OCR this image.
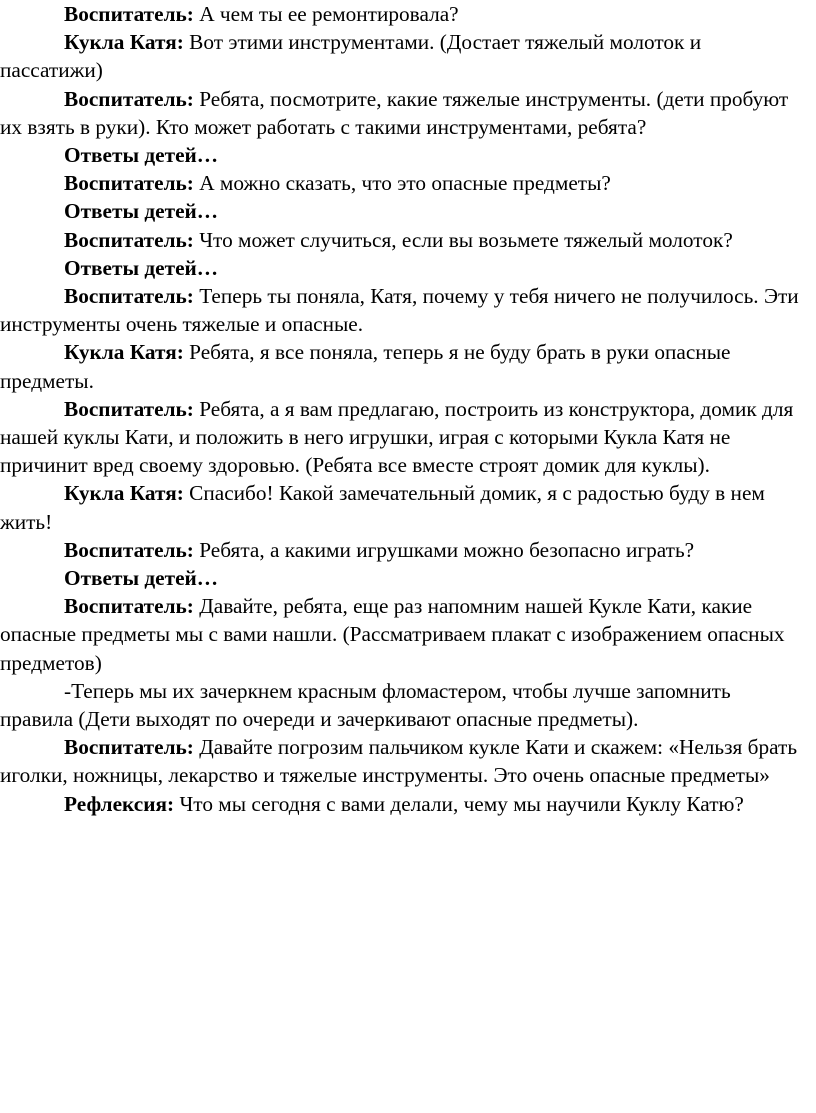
Воспитатель: А чем ты ее ремонтировала?

Кукла Катя: Вот этими инструментами. (Достает тяжелый молоток и пассатижи)

Воспитатель: Ребята, посмотрите, какие тяжелые инструменты. (дети пробуют их взять в руки). Кто может работать с такими инструментами, ребята?

Ответы детей…

Воспитатель: А можно сказать, что это опасные предметы?

Ответы детей…

Воспитатель: Что может случиться, если вы возьмете тяжелый молоток?

Ответы детей…

Воспитатель: Теперь ты поняла, Катя, почему у тебя ничего не получилось. Эти инструменты очень тяжелые и опасные.

Кукла Катя: Ребята, я все поняла, теперь я не буду брать в руки опасные предметы.

Воспитатель: Ребята, а я вам предлагаю, построить из конструктора, домик для нашей куклы Кати, и положить в него игрушки, играя с которыми Кукла Катя не причинит вред своему здоровью. (Ребята все вместе строят домик для куклы).

Кукла Катя: Спасибо! Какой замечательный домик, я с радостью буду в нем жить!

Воспитатель: Ребята, а какими игрушками можно безопасно играть?

Ответы детей…

Воспитатель: Давайте, ребята, еще раз напомним нашей Кукле Кати, какие опасные предметы мы с вами нашли. (Рассматриваем плакат с изображением опасных предметов)

-Теперь мы их зачеркнем красным фломастером, чтобы лучше запомнить правила (Дети выходят по очереди и зачеркивают опасные предметы).

Воспитатель: Давайте погрозим пальчиком кукле Кати и скажем: «Нельзя брать иголки, ножницы, лекарство и тяжелые инструменты. Это очень опасные предметы»

Рефлексия: Что мы сегодня с вами делали, чему мы научили Куклу Катю?
